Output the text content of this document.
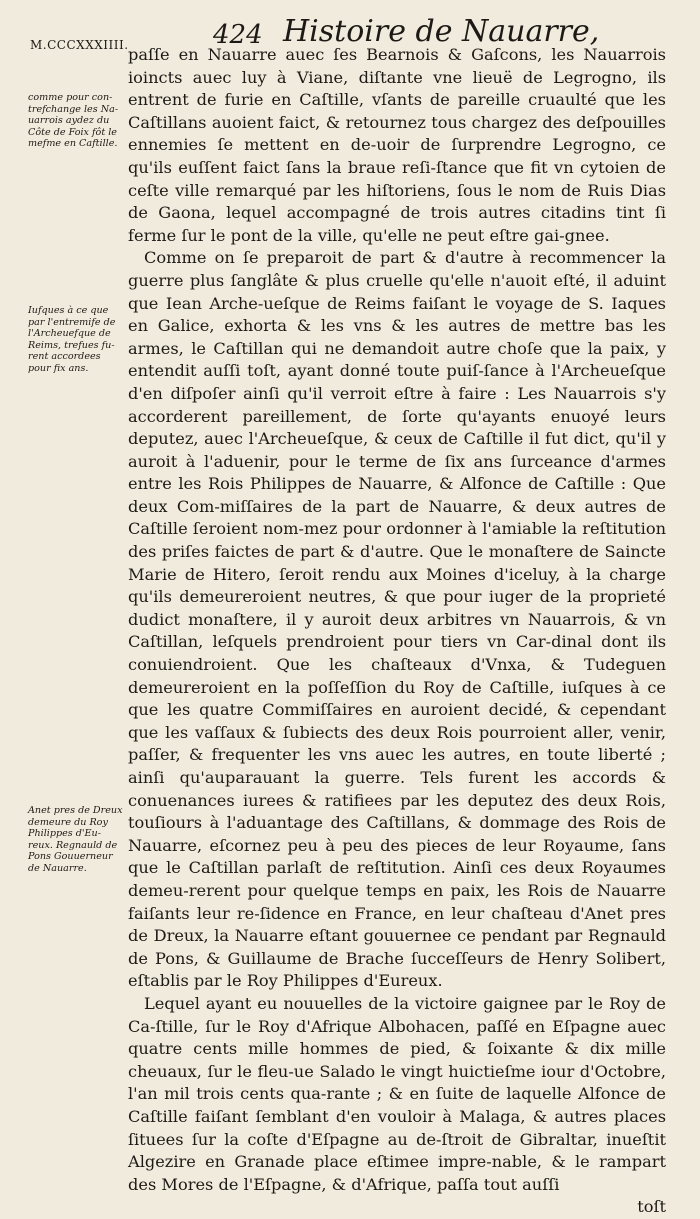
M.CCCXXXIIII.	424 Histoire de Nauarre,
comme pour con-trefchange les Na-uarrois aydez du Côte de Foix fôt le mefme en Caftille.
Iufques à ce que par l'entremife de l'Archeuefque de Reims, trefues fu-rent accordees pour fix ans.
Anet pres de Dreux demeure du Roy Philippes d'Eu-reux. Regnauld de Pons Gouuerneur de Nauarre.

paſſe en Nauarre auec ſes Bearnois & Gaſcons, les Nauarrois ioincts auec luy à Viane, diſtante vne lieuë de Legrogno, ils entrent de furie en Caſtille, vſants de pareille cruaulté que les Caſtillans auoient faict, & retournez tous chargez des deſpouilles ennemies ſe mettent en de-uoir de ſurprendre Legrogno, ce qu'ils euſſent faict ſans la braue reſi-ſtance que fit vn cytoien de ceſte ville remarqué par les hiſtoriens, ſous le nom de Ruis Dias de Gaona, lequel accompagné de trois autres citadins tint ſi ferme ſur le pont de la ville, qu'elle ne peut eſtre gai-gnee.

Comme on ſe preparoit de part & d'autre à recommencer la guerre plus ſanglâte & plus cruelle qu'elle n'auoit eſté, il aduint que Iean Arche-ueſque de Reims faiſant le voyage de S. Iaques en Galice, exhorta & les vns & les autres de mettre bas les armes, le Caſtillan qui ne demandoit autre choſe que la paix, y entendit auſſi toſt, ayant donné toute puiſ-ſance à l'Archeueſque d'en diſpoſer ainſi qu'il verroit eſtre à faire : Les Nauarrois s'y accorderent pareillement, de ſorte qu'ayants enuoyé leurs deputez, auec l'Archeueſque, & ceux de Caſtille il fut dict, qu'il y auroit à l'aduenir, pour le terme de ſix ans ſurceance d'armes entre les Rois Philippes de Nauarre, & Alfonce de Caſtille : Que deux Com-miſſaires de la part de Nauarre, & deux autres de Caſtille ſeroient nom-mez pour ordonner à l'amiable la reſtitution des priſes faictes de part & d'autre. Que le monaſtere de Saincte Marie de Hitero, ſeroit rendu aux Moines d'iceluy, à la charge qu'ils demeureroient neutres, & que pour iuger de la proprieté dudict monaſtere, il y auroit deux arbitres vn Nauarrois, & vn Caſtillan, leſquels prendroient pour tiers vn Car-dinal dont ils conuiendroient. Que les chaſteaux d'Vnxa, & Tudeguen demeureroient en la poſſeſſion du Roy de Caſtille, iuſques à ce que les quatre Commiſſaires en auroient decidé, & cependant que les vaſſaux & ſubiects des deux Rois pourroient aller, venir, paſſer, & frequenter les vns auec les autres, en toute liberté ; ainſi qu'auparauant la guerre. Tels furent les accords & conuenances iurees & ratifiees par les deputez des deux Rois, touſiours à l'aduantage des Caſtillans, & dommage des Rois de Nauarre, eſcornez peu à peu des pieces de leur Royaume, ſans que le Caſtillan parlaſt de reſtitution. Ainſi ces deux Royaumes demeu-rerent pour quelque temps en paix, les Rois de Nauarre faiſants leur re-ſidence en France, en leur chaſteau d'Anet pres de Dreux, la Nauarre eſtant gouuernee ce pendant par Regnauld de Pons, & Guillaume de Brache ſucceſſeurs de Henry Solibert, eſtablis par le Roy Philippes d'Eureux.

Lequel ayant eu nouuelles de la victoire gaignee par le Roy de Ca-ſtille, ſur le Roy d'Afrique Albohacen, paſſé en Eſpagne auec quatre cents mille hommes de pied, & ſoixante & dix mille cheuaux, ſur le fleu-ue Salado le vingt huictieſme iour d'Octobre, l'an mil trois cents qua-rante ; & en ſuite de laquelle Alfonce de Caſtille faiſant ſemblant d'en vouloir à Malaga, & autres places ſituees ſur la coſte d'Eſpagne au de-ſtroit de Gibraltar, inueſtit Algezire en Granade place eſtimee impre-nable, & le rampart des Mores de l'Eſpagne, & d'Afrique, paſſa tout auſſi

toſt
